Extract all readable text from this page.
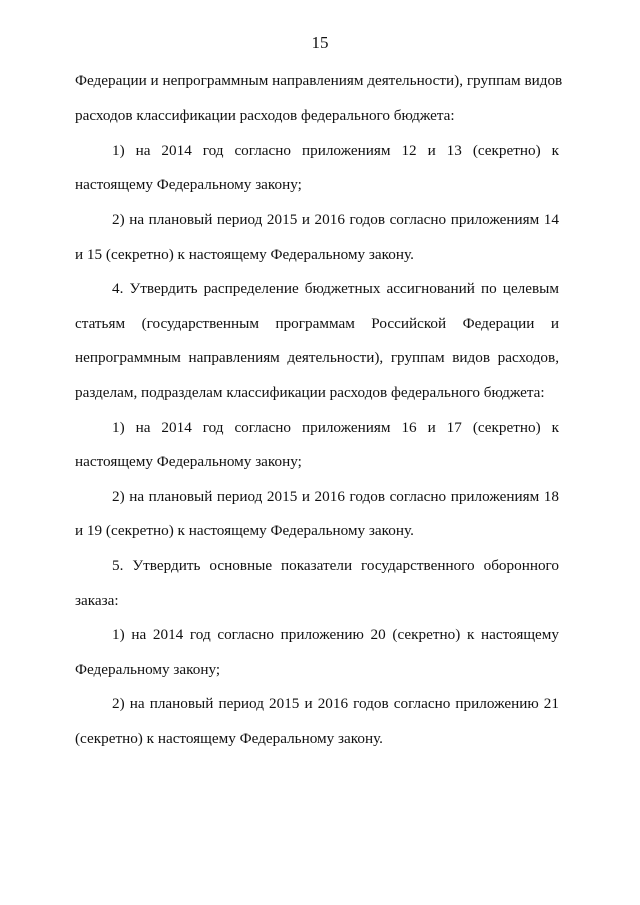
15
Федерации и непрограммным направлениям деятельности), группам видов
расходов классификации расходов федерального бюджета:
1) на 2014 год согласно приложениям 12 и 13 (секретно) к
настоящему Федеральному закону;
2) на плановый период 2015 и 2016 годов согласно приложениям 14
и 15 (секретно) к настоящему Федеральному закону.
4. Утвердить распределение бюджетных ассигнований по целевым
статьям (государственным программам Российской Федерации и
непрограммным направлениям деятельности), группам видов расходов,
разделам, подразделам классификации расходов федерального бюджета:
1) на 2014 год согласно приложениям 16 и 17 (секретно) к
настоящему Федеральному закону;
2) на плановый период 2015 и 2016 годов согласно приложениям 18
и 19 (секретно) к настоящему Федеральному закону.
5. Утвердить основные показатели государственного оборонного
заказа:
1) на 2014 год согласно приложению 20 (секретно) к настоящему
Федеральному закону;
2) на плановый период 2015 и 2016 годов согласно приложению 21
(секретно) к настоящему Федеральному закону.
